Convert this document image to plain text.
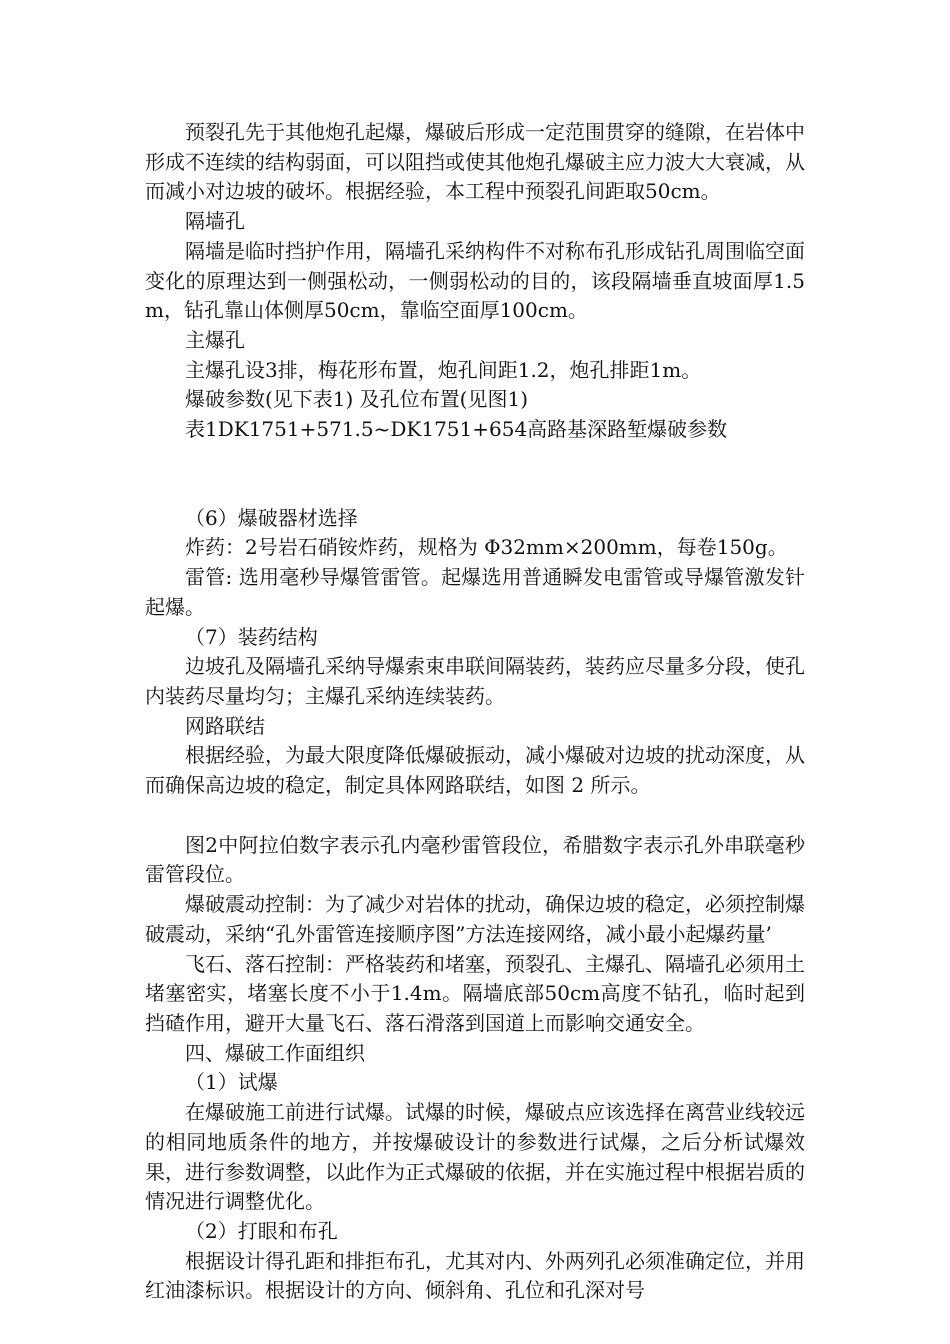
预裂孔先于其他炮孔起爆，爆破后形成一定范围贯穿的缝隙，在岩体中形成不连续的结构弱面，可以阻挡或使其他炮孔爆破主应力波大大衰减，从而减小对边坡的破坏。根据经验，本工程中预裂孔间距取50cm。

隔墙孔

隔墙是临时挡护作用，隔墙孔采纳构件不对称布孔形成钻孔周围临空面变化的原理达到一侧强松动，一侧弱松动的目的，该段隔墙垂直坡面厚1.5m，钻孔靠山体侧厚50cm，靠临空面厚100cm。

主爆孔

主爆孔设3排，梅花形布置，炮孔间距1.2，炮孔排距1m。

爆破参数(见下表1) 及孔位布置(见图1)

表1DK1751+571.5~DK1751+654高路基深路堑爆破参数

（6）爆破器材选择

炸药：2号岩石硝铵炸药，规格为 Φ32mm×200mm，每卷150g。

雷管: 选用毫秒导爆管雷管。起爆选用普通瞬发电雷管或导爆管激发针起爆。

（7）装药结构

边坡孔及隔墙孔采纳导爆索束串联间隔装药，装药应尽量多分段，使孔内装药尽量均匀；主爆孔采纳连续装药。

网路联结

根据经验，为最大限度降低爆破振动，减小爆破对边坡的扰动深度，从而确保高边坡的稳定，制定具体网路联结，如图 2 所示。

图2中阿拉伯数字表示孔内毫秒雷管段位，希腊数字表示孔外串联毫秒雷管段位。

爆破震动控制：为了减少对岩体的扰动，确保边坡的稳定，必须控制爆破震动，采纳“孔外雷管连接顺序图”方法连接网络，减小最小起爆药量’

飞石、落石控制：严格装药和堵塞，预裂孔、主爆孔、隔墙孔必须用土堵塞密实，堵塞长度不小于1.4m。隔墙底部50cm高度不钻孔，临时起到挡碴作用，避开大量飞石、落石滑落到国道上而影响交通安全。

四、爆破工作面组织

（1）试爆

在爆破施工前进行试爆。试爆的时候，爆破点应该选择在离营业线较远的相同地质条件的地方，并按爆破设计的参数进行试爆，之后分析试爆效果，进行参数调整，以此作为正式爆破的依据，并在实施过程中根据岩质的情况进行调整优化。

（2）打眼和布孔

根据设计得孔距和排拒布孔，尤其对内、外两列孔必须准确定位，并用红油漆标识。根据设计的方向、倾斜角、孔位和孔深对号
